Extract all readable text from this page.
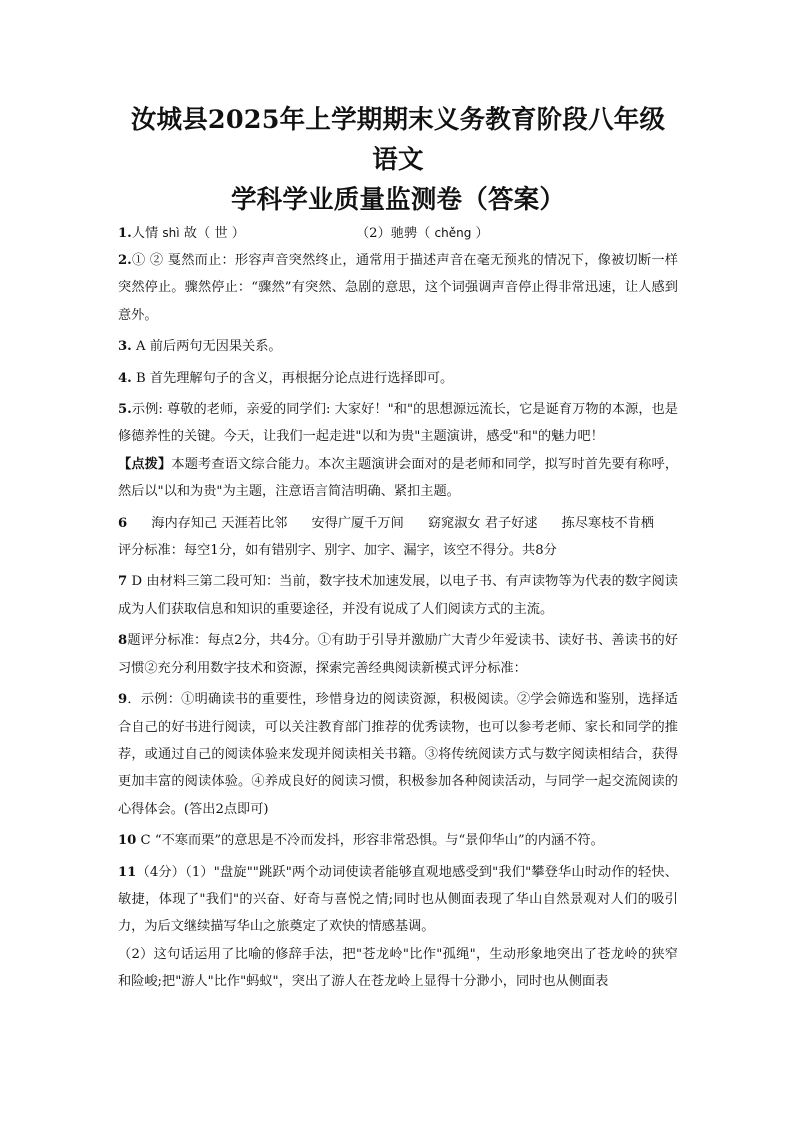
汝城县2025年上学期期末义务教育阶段八年级语文
学科学业质量监测卷（答案）
1.人情 shì 故（ 世 ）	（2）驰骋（ chěng ）

2.① ② 戛然而止：形容声音突然终止，通常用于描述声音在毫无预兆的情况下，像被切断一样突然停止。骤然停止：“骤然”有突然、急剧的意思，这个词强调声音停止得非常迅速，让人感到意外。

3. A 前后两句无因果关系。

4. B 首先理解句子的含义，再根据分论点进行选择即可。

5.示例: 尊敬的老师，亲爱的同学们: 大家好！"和"的思想源远流长，它是诞育万物的本源，也是修德养性的关键。今天，让我们一起走进"以和为贵"主题演讲，感受"和"的魅力吧！

【点拨】本题考查语文综合能力。本次主题演讲会面对的是老师和同学，拟写时首先要有称呼，然后以"以和为贵"为主题，注意语言简洁明确、紧扣主题。

6 海内存知己 天涯若比邻 安得广厦千万间 窈窕淑女 君子好逑 拣尽寒枝不肯栖

评分标准：每空1分，如有错别字、别字、加字、漏字，该空不得分。共8分

7 D 由材料三第二段可知：当前，数字技术加速发展，以电子书、有声读物等为代表的数字阅读成为人们获取信息和知识的重要途径，并没有说成了人们阅读方式的主流。

8题评分标准：每点2分，共4分。①有助于引导并激励广大青少年爱读书、读好书、善读书的好习惯②充分利用数字技术和资源，探索完善经典阅读新模式评分标准：

9．示例：①明确读书的重要性，珍惜身边的阅读资源，积极阅读。②学会筛选和鉴别，选择适合自己的好书进行阅读，可以关注教育部门推荐的优秀读物，也可以参考老师、家长和同学的推荐，或通过自己的阅读体验来发现并阅读相关书籍。③将传统阅读方式与数字阅读相结合，获得更加丰富的阅读体验。④养成良好的阅读习惯，积极参加各种阅读活动，与同学一起交流阅读的心得体会。(答出2点即可)

10 C “不寒而栗”的意思是不冷而发抖，形容非常恐惧。与“景仰华山”的内涵不符。

11（4分）（1）"盘旋""跳跃"两个动词使读者能够直观地感受到"我们"攀登华山时动作的轻快、敏捷，体现了"我们"的兴奋、好奇与喜悦之情;同时也从侧面表现了华山自然景观对人们的吸引力，为后文继续描写华山之旅奠定了欢快的情感基调。

（2）这句话运用了比喻的修辞手法，把"苍龙岭"比作"孤绳"，生动形象地突出了苍龙岭的狭窄和险峻;把"游人"比作"蚂蚁"，突出了游人在苍龙岭上显得十分渺小，同时也从侧面表
